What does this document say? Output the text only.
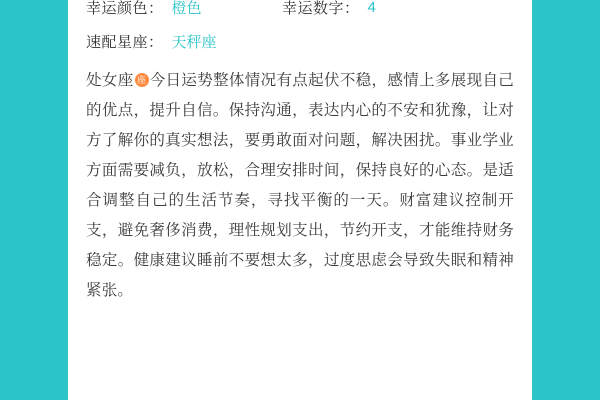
幸运颜色： 橙色	幸运数字： 4
速配星座： 天秤座
处女座 座 今日运势整体情况有点起伏不稳，感情上多展现自己的优点，提升自信。保持沟通，表达内心的不安和犹豫，让对方了解你的真实想法，要勇敢面对问题，解决困扰。事业学业方面需要减负，放松，合理安排时间，保持良好的心态。是适合调整自己的生活节奏，寻找平衡的一天。财富建议控制开支，避免奢侈消费，理性规划支出，节约开支，才能维持财务稳定。健康建议睡前不要想太多，过度思虑会导致失眠和精神紧张。
